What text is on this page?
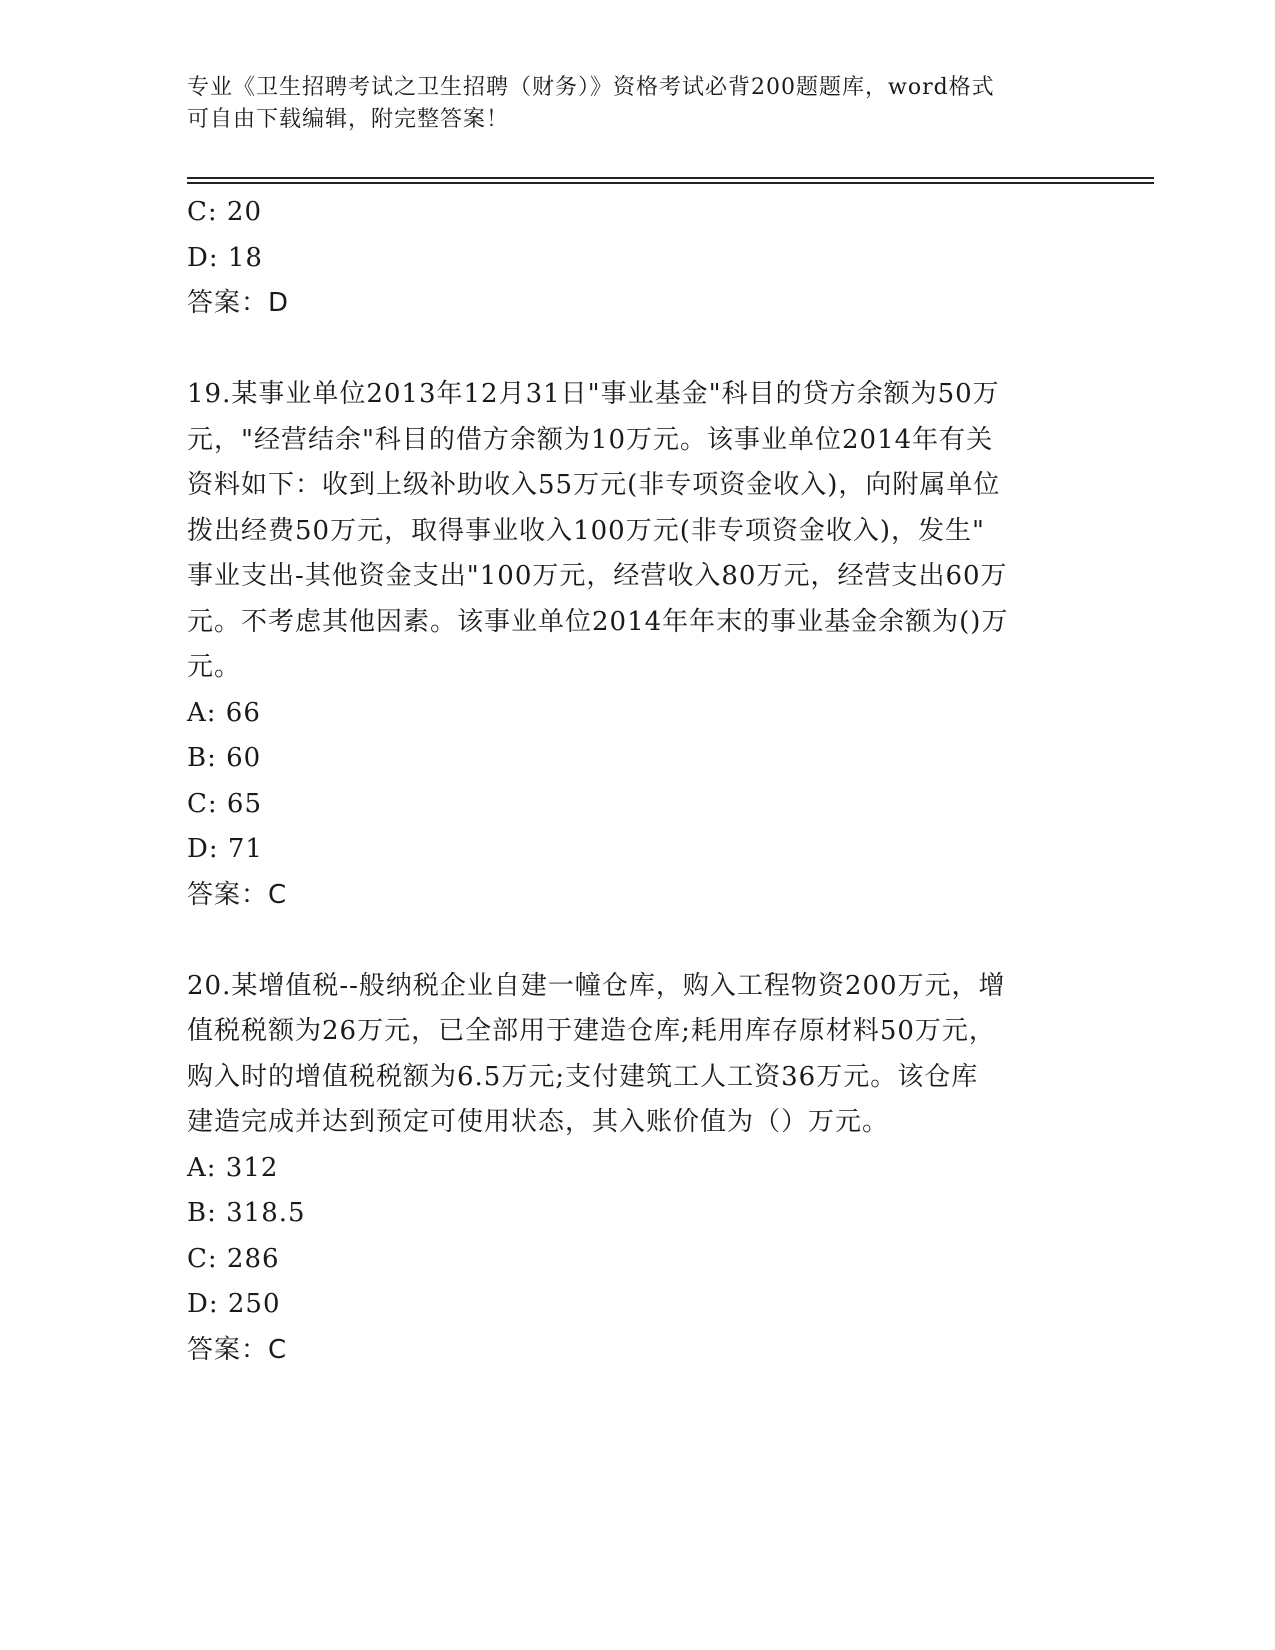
专业《卫生招聘考试之卫生招聘（财务）》资格考试必背200题题库，word格式
可自由下载编辑，附完整答案！
C: 20
D: 18
答案：D
19.某事业单位2013年12月31日"事业基金"科目的贷方余额为50万
元，"经营结余"科目的借方余额为10万元。该事业单位2014年有关
资料如下：收到上级补助收入55万元(非专项资金收入)，向附属单位
拨出经费50万元，取得事业收入100万元(非专项资金收入)，发生"
事业支出-其他资金支出"100万元，经营收入80万元，经营支出60万
元。不考虑其他因素。该事业单位2014年年末的事业基金余额为()万
元。
A: 66
B: 60
C: 65
D: 71
答案：C
20.某增值税--般纳税企业自建一幢仓库，购入工程物资200万元，增
值税税额为26万元，已全部用于建造仓库;耗用库存原材料50万元，
购入时的增值税税额为6.5万元;支付建筑工人工资36万元。该仓库
建造完成并达到预定可使用状态，其入账价值为（）万元。
A: 312
B: 318.5
C: 286
D: 250
答案：C
